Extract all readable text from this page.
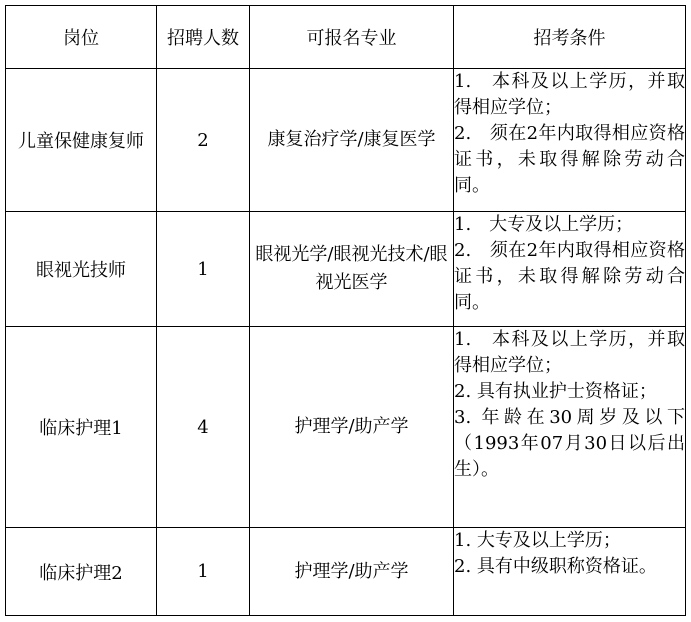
岗位	招聘人数	可报名专业	招考条件
儿童保健康复师	2	康复治疗学/康复医学	1.　本科及以上学历，并取得相应学位；

2.　须在2年内取得相应资格证书，未取得解除劳动合同。

眼视光技师	1	眼视光学/眼视光技术/眼视光医学	1.　大专及以上学历；

2.　须在2年内取得相应资格证书，未取得解除劳动合同。

临床护理1	4	护理学/助产学	1.　本科及以上学历，并取得相应学位；

2. 具有执业护士资格证；

3. 年龄在30周岁及以下（1993年07月30日以后出生）。

临床护理2	1	护理学/助产学	1. 大专及以上学历；

2. 具有中级职称资格证。
